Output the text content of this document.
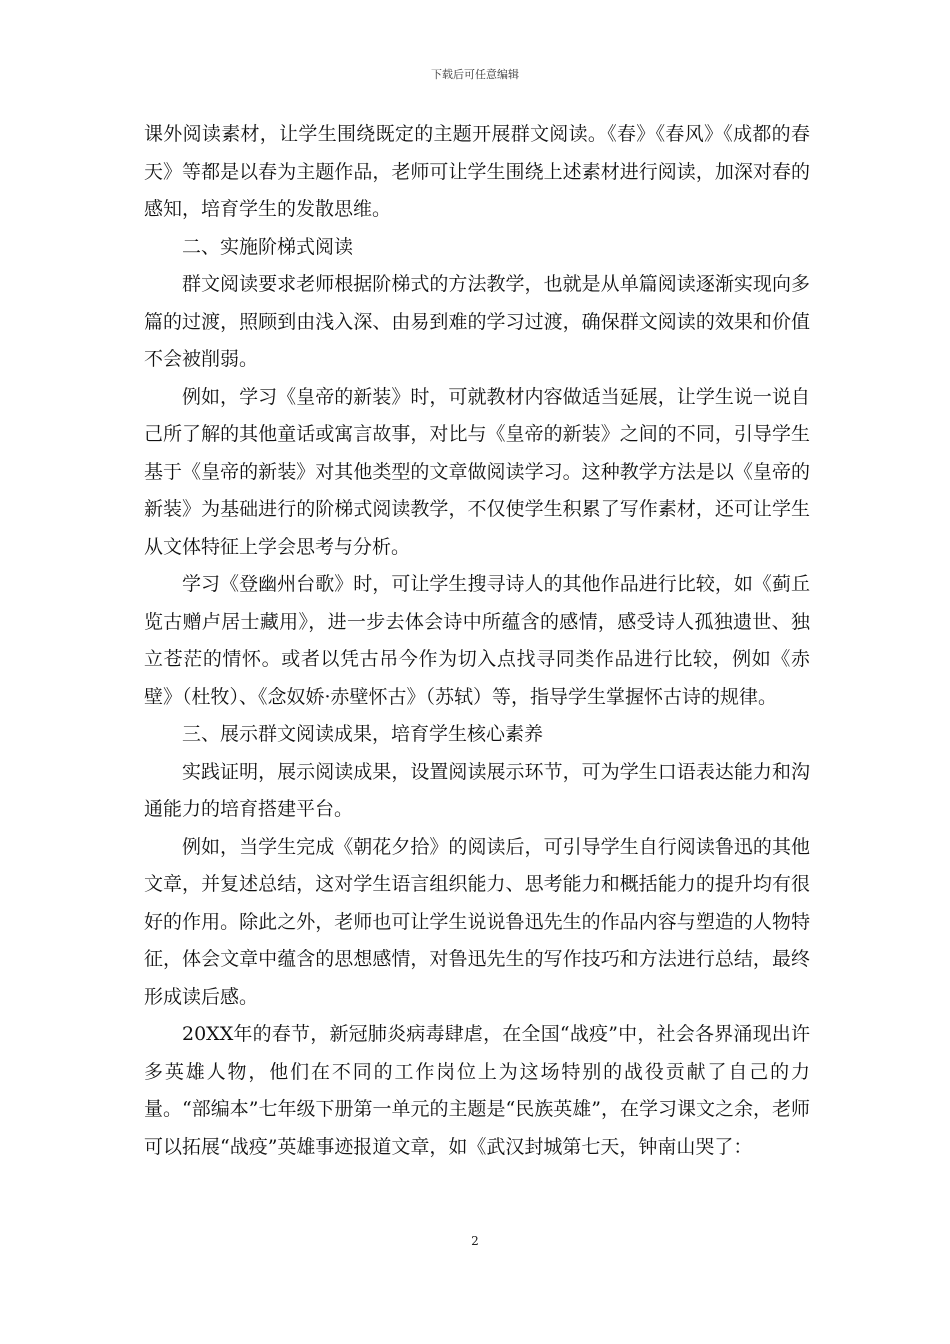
下载后可任意编辑

课外阅读素材，让学生围绕既定的主题开展群文阅读。《春》《春风》《成都的春天》等都是以春为主题作品，老师可让学生围绕上述素材进行阅读，加深对春的感知，培育学生的发散思维。

二、实施阶梯式阅读

群文阅读要求老师根据阶梯式的方法教学，也就是从单篇阅读逐渐实现向多篇的过渡，照顾到由浅入深、由易到难的学习过渡，确保群文阅读的效果和价值不会被削弱。

例如，学习《皇帝的新装》时，可就教材内容做适当延展，让学生说一说自己所了解的其他童话或寓言故事，对比与《皇帝的新装》之间的不同，引导学生基于《皇帝的新装》对其他类型的文章做阅读学习。这种教学方法是以《皇帝的新装》为基础进行的阶梯式阅读教学，不仅使学生积累了写作素材，还可让学生从文体特征上学会思考与分析。

学习《登幽州台歌》时，可让学生搜寻诗人的其他作品进行比较，如《蓟丘览古赠卢居士藏用》，进一步去体会诗中所蕴含的感情，感受诗人孤独遗世、独立苍茫的情怀。或者以凭古吊今作为切入点找寻同类作品进行比较，例如《赤壁》（杜牧）、《念奴娇·赤壁怀古》（苏轼）等，指导学生掌握怀古诗的规律。

三、展示群文阅读成果，培育学生核心素养

实践证明，展示阅读成果，设置阅读展示环节，可为学生口语表达能力和沟通能力的培育搭建平台。

例如，当学生完成《朝花夕拾》的阅读后，可引导学生自行阅读鲁迅的其他文章，并复述总结，这对学生语言组织能力、思考能力和概括能力的提升均有很好的作用。除此之外，老师也可让学生说说鲁迅先生的作品内容与塑造的人物特征，体会文章中蕴含的思想感情，对鲁迅先生的写作技巧和方法进行总结，最终形成读后感。

20XX年的春节，新冠肺炎病毒肆虐，在全国“战疫”中，社会各界涌现出许多英雄人物，他们在不同的工作岗位上为这场特别的战役贡献了自己的力量。“部编本”七年级下册第一单元的主题是“民族英雄”，在学习课文之余，老师可以拓展“战疫”英雄事迹报道文章，如《武汉封城第七天，钟南山哭了：

2
